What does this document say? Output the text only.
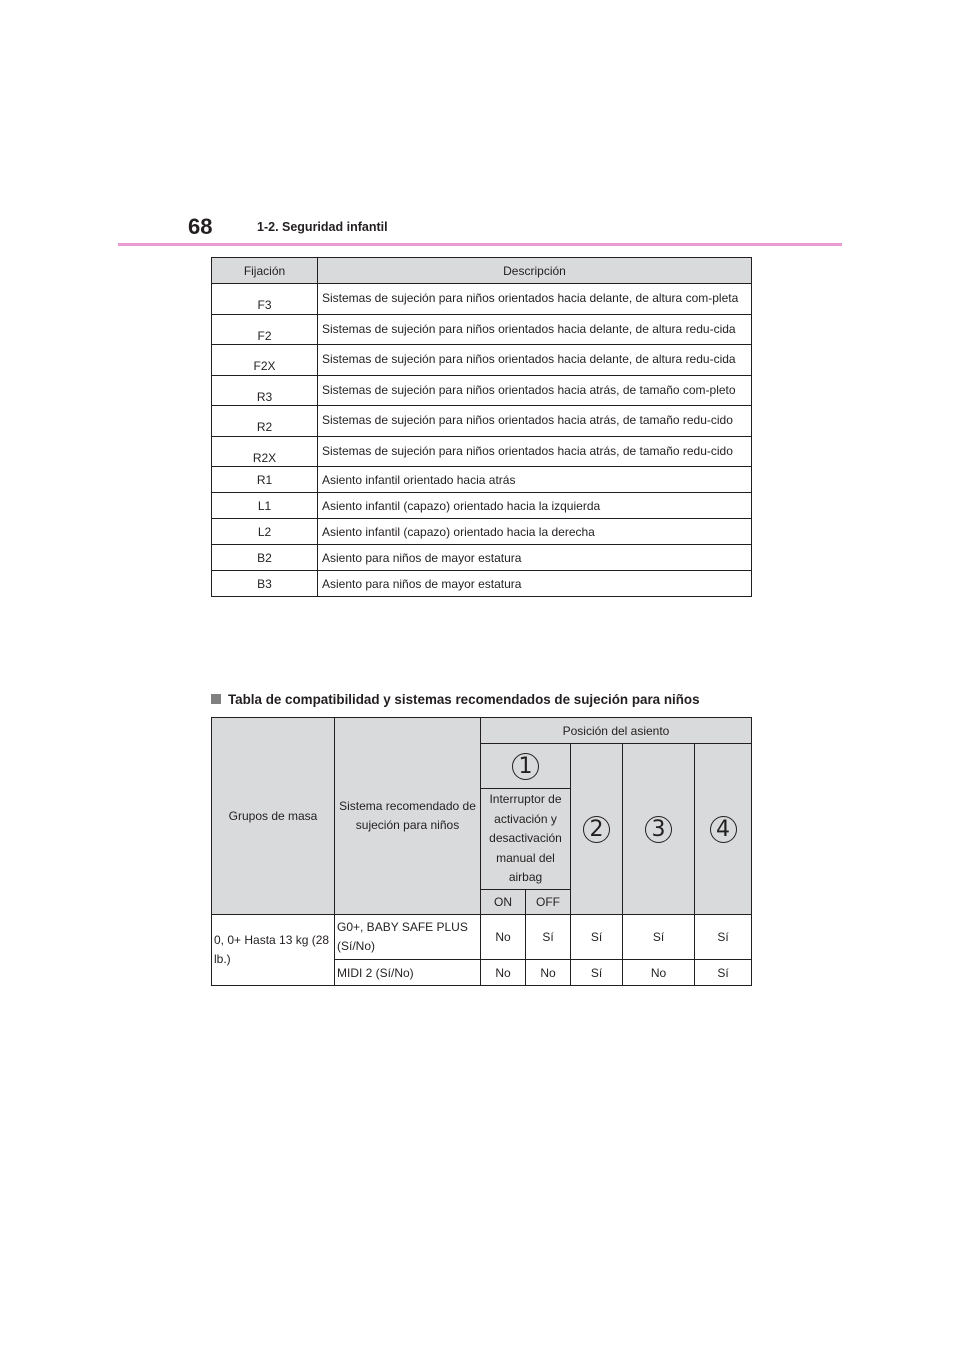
68	1-2. Seguridad infantil
Fijación	Descripción
F3	Sistemas de sujeción para niños orientados hacia delante, de altura com-pleta
F2	Sistemas de sujeción para niños orientados hacia delante, de altura redu-cida
F2X	Sistemas de sujeción para niños orientados hacia delante, de altura redu-cida
R3	Sistemas de sujeción para niños orientados hacia atrás, de tamaño com-pleto
R2	Sistemas de sujeción para niños orientados hacia atrás, de tamaño redu-cido
R2X	Sistemas de sujeción para niños orientados hacia atrás, de tamaño redu-cido
R1	Asiento infantil orientado hacia atrás
L1	Asiento infantil (capazo) orientado hacia la izquierda
L2	Asiento infantil (capazo) orientado hacia la derecha
B2	Asiento para niños de mayor estatura
B3	Asiento para niños de mayor estatura
Tabla de compatibilidad y sistemas recomendados de sujeción para niños
Grupos de masa	Sistema recomendado de sujeción para niños	Posición del asiento				
		1		2	3	4
		Interruptor de activación y desactivación manual del airbag				
		ON	OFF			
0, 0+ Hasta 13 kg (28 lb.)	G0+, BABY SAFE PLUS (Sí/No)	No	Sí	Sí	Sí	Sí
	MIDI 2 (Sí/No)	No	No	Sí	No	Sí
